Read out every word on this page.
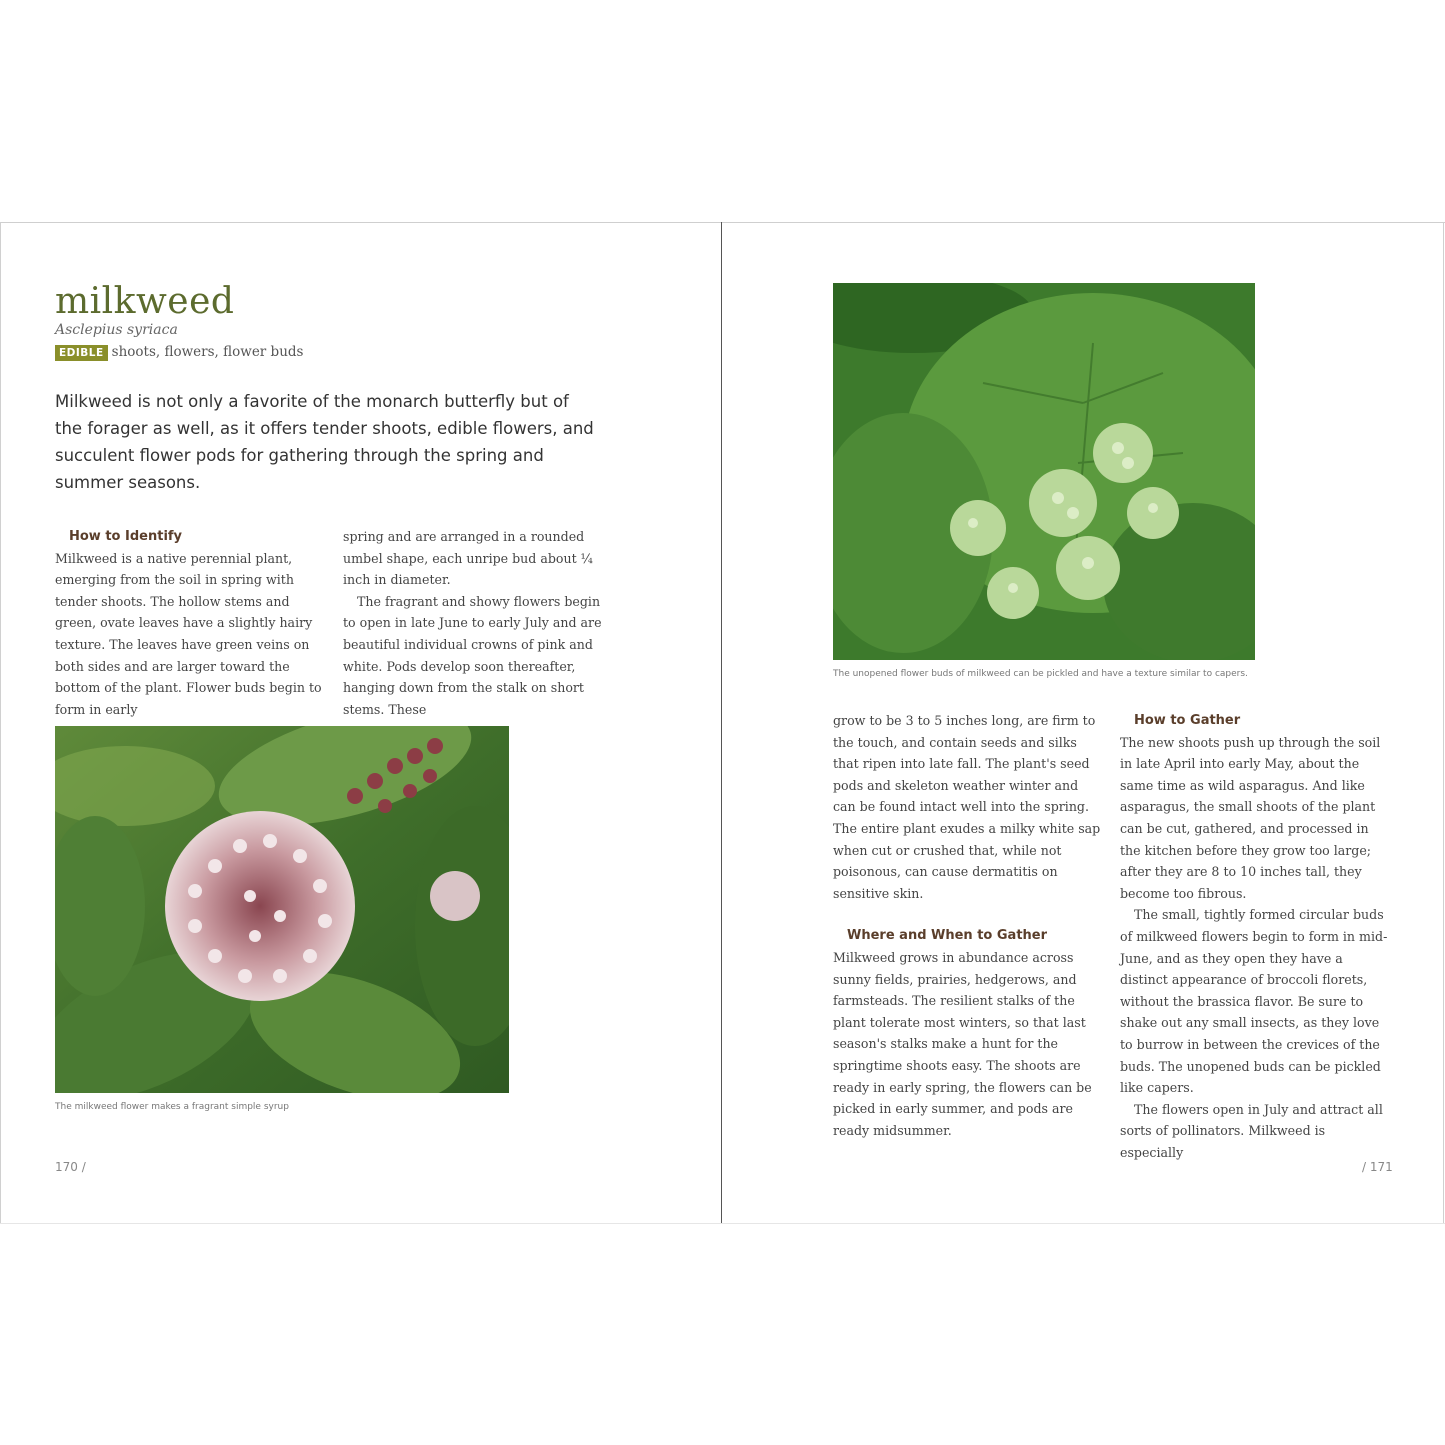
milkweed
Asclepius syriaca
EDIBLE shoots, flowers, flower buds

Milkweed is not only a favorite of the monarch butterfly but of the forager as well, as it offers tender shoots, edible flowers, and succulent flower pods for gathering through the spring and summer seasons.

How to Identify

Milkweed is a native perennial plant, emerging from the soil in spring with tender shoots. The hollow stems and green, ovate leaves have a slightly hairy texture. The leaves have green veins on both sides and are larger toward the bottom of the plant. Flower buds begin to form in early

spring and are arranged in a rounded umbel shape, each unripe bud about ¼ inch in diameter.

The fragrant and showy flowers begin to open in late June to early July and are beautiful individual crowns of pink and white. Pods develop soon thereafter, hanging down from the stalk on short stems. These

The milkweed flower makes a fragrant simple syrup
170 /
The unopened flower buds of milkweed can be pickled and have a texture similar to capers.

grow to be 3 to 5 inches long, are firm to the touch, and contain seeds and silks that ripen into late fall. The plant's seed pods and skeleton weather winter and can be found intact well into the spring. The entire plant exudes a milky white sap when cut or crushed that, while not poisonous, can cause dermatitis on sensitive skin.

Where and When to Gather

Milkweed grows in abundance across sunny fields, prairies, hedgerows, and farmsteads. The resilient stalks of the plant tolerate most winters, so that last season's stalks make a hunt for the springtime shoots easy. The shoots are ready in early spring, the flowers can be picked in early summer, and pods are ready midsummer.

How to Gather

The new shoots push up through the soil in late April into early May, about the same time as wild asparagus. And like asparagus, the small shoots of the plant can be cut, gathered, and processed in the kitchen before they grow too large; after they are 8 to 10 inches tall, they become too fibrous.

The small, tightly formed circular buds of milkweed flowers begin to form in mid-June, and as they open they have a distinct appearance of broccoli florets, without the brassica flavor. Be sure to shake out any small insects, as they love to burrow in between the crevices of the buds. The unopened buds can be pickled like capers.

The flowers open in July and attract all sorts of pollinators. Milkweed is especially

/ 171
